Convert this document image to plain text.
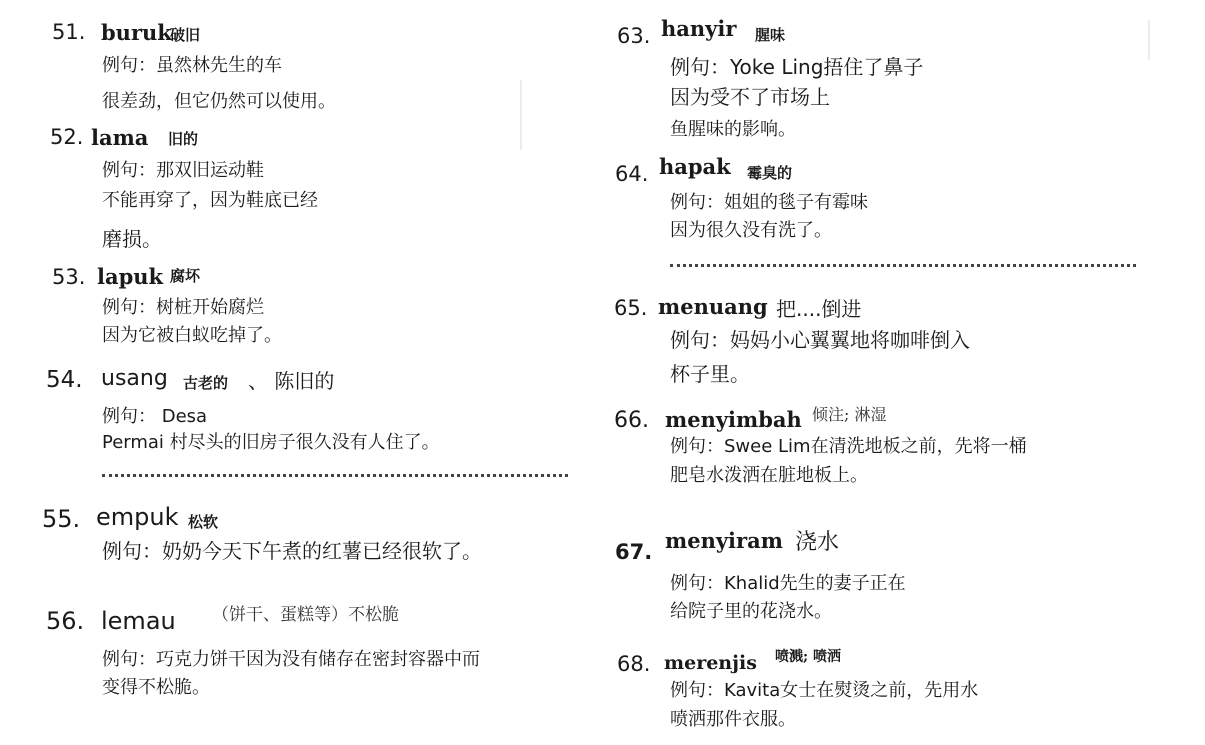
51. buruk
破旧
例句：虽然林先生的车
很差劲，但它仍然可以使用。
52. lama 旧的
例句：那双旧运动鞋
不能再穿了，因为鞋底已经
磨损。
53. lapuk 腐坏
例句：树桩开始腐烂
因为它被白蚁吃掉了。
54. usang 古老的 、 陈旧的
例句： Desa
Permai 村尽头的旧房子很久没有人住了。
55. empuk 松软
例句：奶奶今天下午煮的红薯已经很软了。
56. lemau （饼干、蛋糕等）不松脆
例句：巧克力饼干因为没有储存在密封容器中而
变得不松脆。
63. hanyir 腥味
例句：Yoke Ling捂住了鼻子
因为受不了市场上
鱼腥味的影响。
64. hapak 霉臭的
例句：姐姐的毯子有霉味
因为很久没有洗了。
65. menuang 把....倒进
例句：妈妈小心翼翼地将咖啡倒入
杯子里。
66. menyimbah 倾注; 淋湿
例句：Swee Lim在清洗地板之前，先将一桶
肥皂水泼洒在脏地板上。
67. menyiram 浇水
例句：Khalid先生的妻子正在
给院子里的花浇水。
68. merenjis 喷溅; 喷洒
例句：Kavita女士在熨烫之前，先用水
喷洒那件衣服。
